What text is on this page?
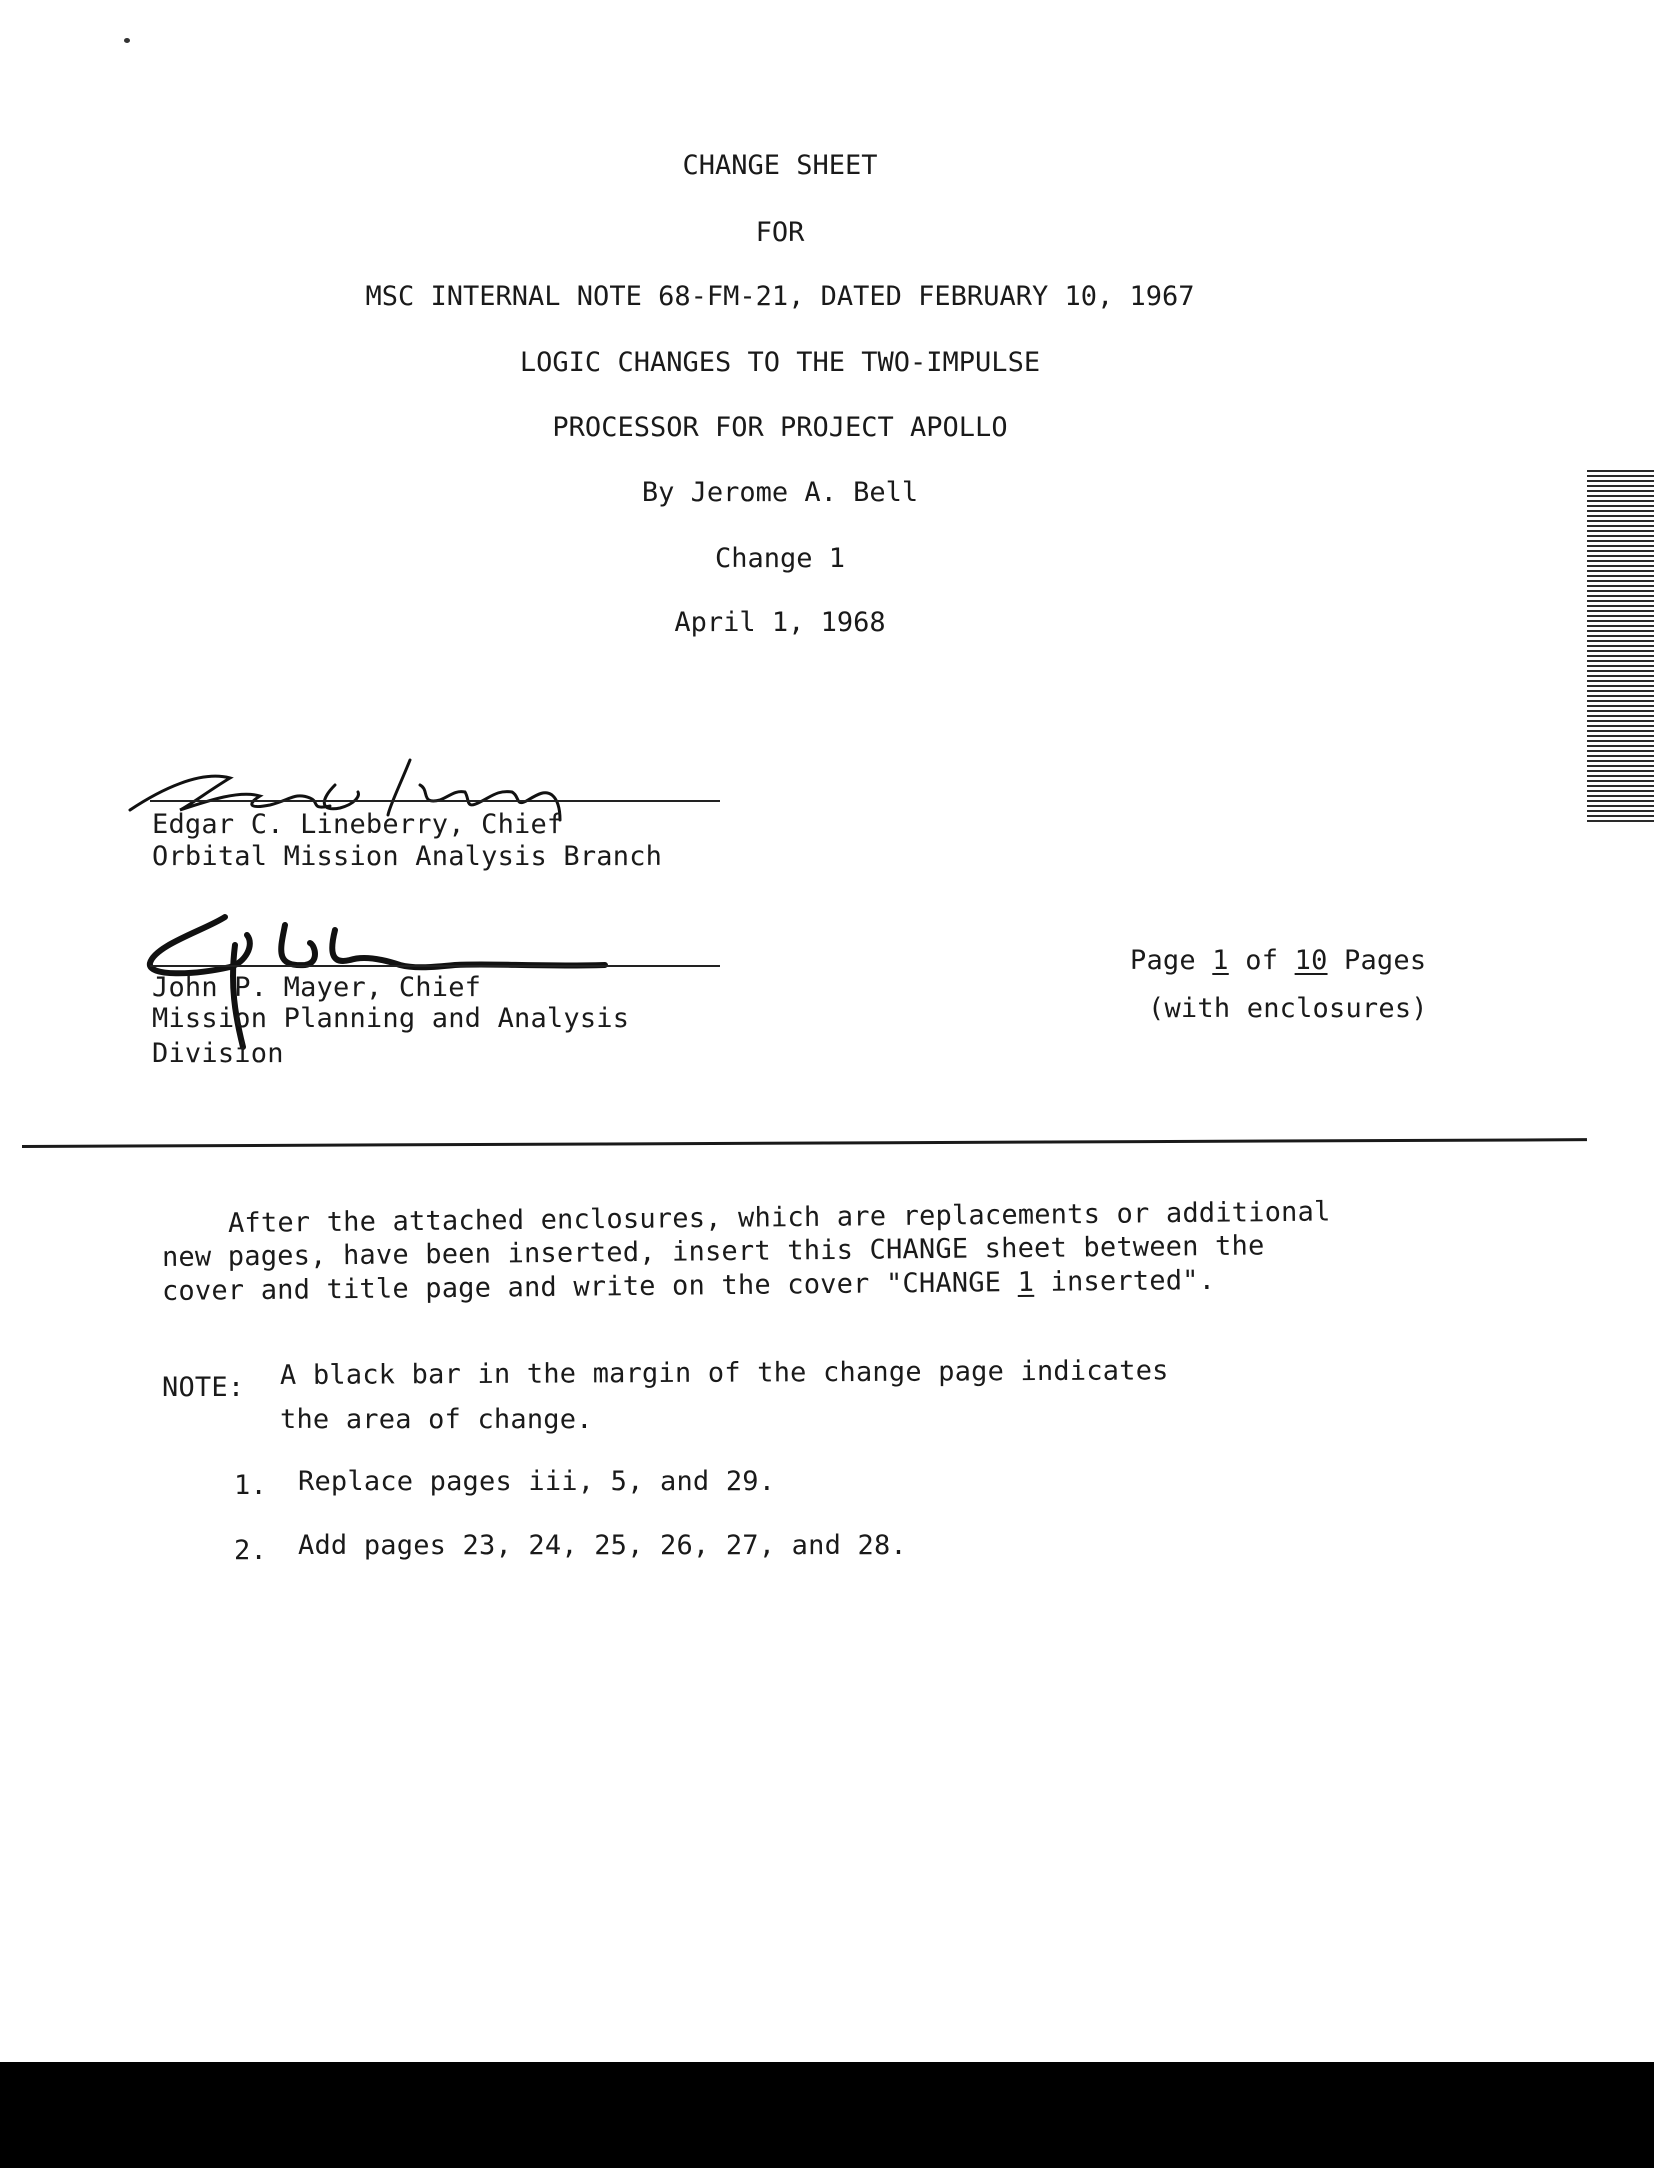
CHANGE SHEET
FOR
MSC INTERNAL NOTE 68-FM-21, DATED FEBRUARY 10, 1967
LOGIC CHANGES TO THE TWO-IMPULSE
PROCESSOR FOR PROJECT APOLLO
By Jerome A. Bell
Change 1
April 1, 1968
Edgar C. Lineberry, Chief
Orbital Mission Analysis Branch
John P. Mayer, Chief
Mission Planning and Analysis
Division
Page 1 of 10 Pages
(with enclosures)
After the attached enclosures, which are replacements or additional
new pages, have been inserted, insert this CHANGE sheet between the
cover and title page and write on the cover "CHANGE 1 inserted".
NOTE: A black bar in the margin of the change page indicates
the area of change.
1. Replace pages iii, 5, and 29.
2. Add pages 23, 24, 25, 26, 27, and 28.
